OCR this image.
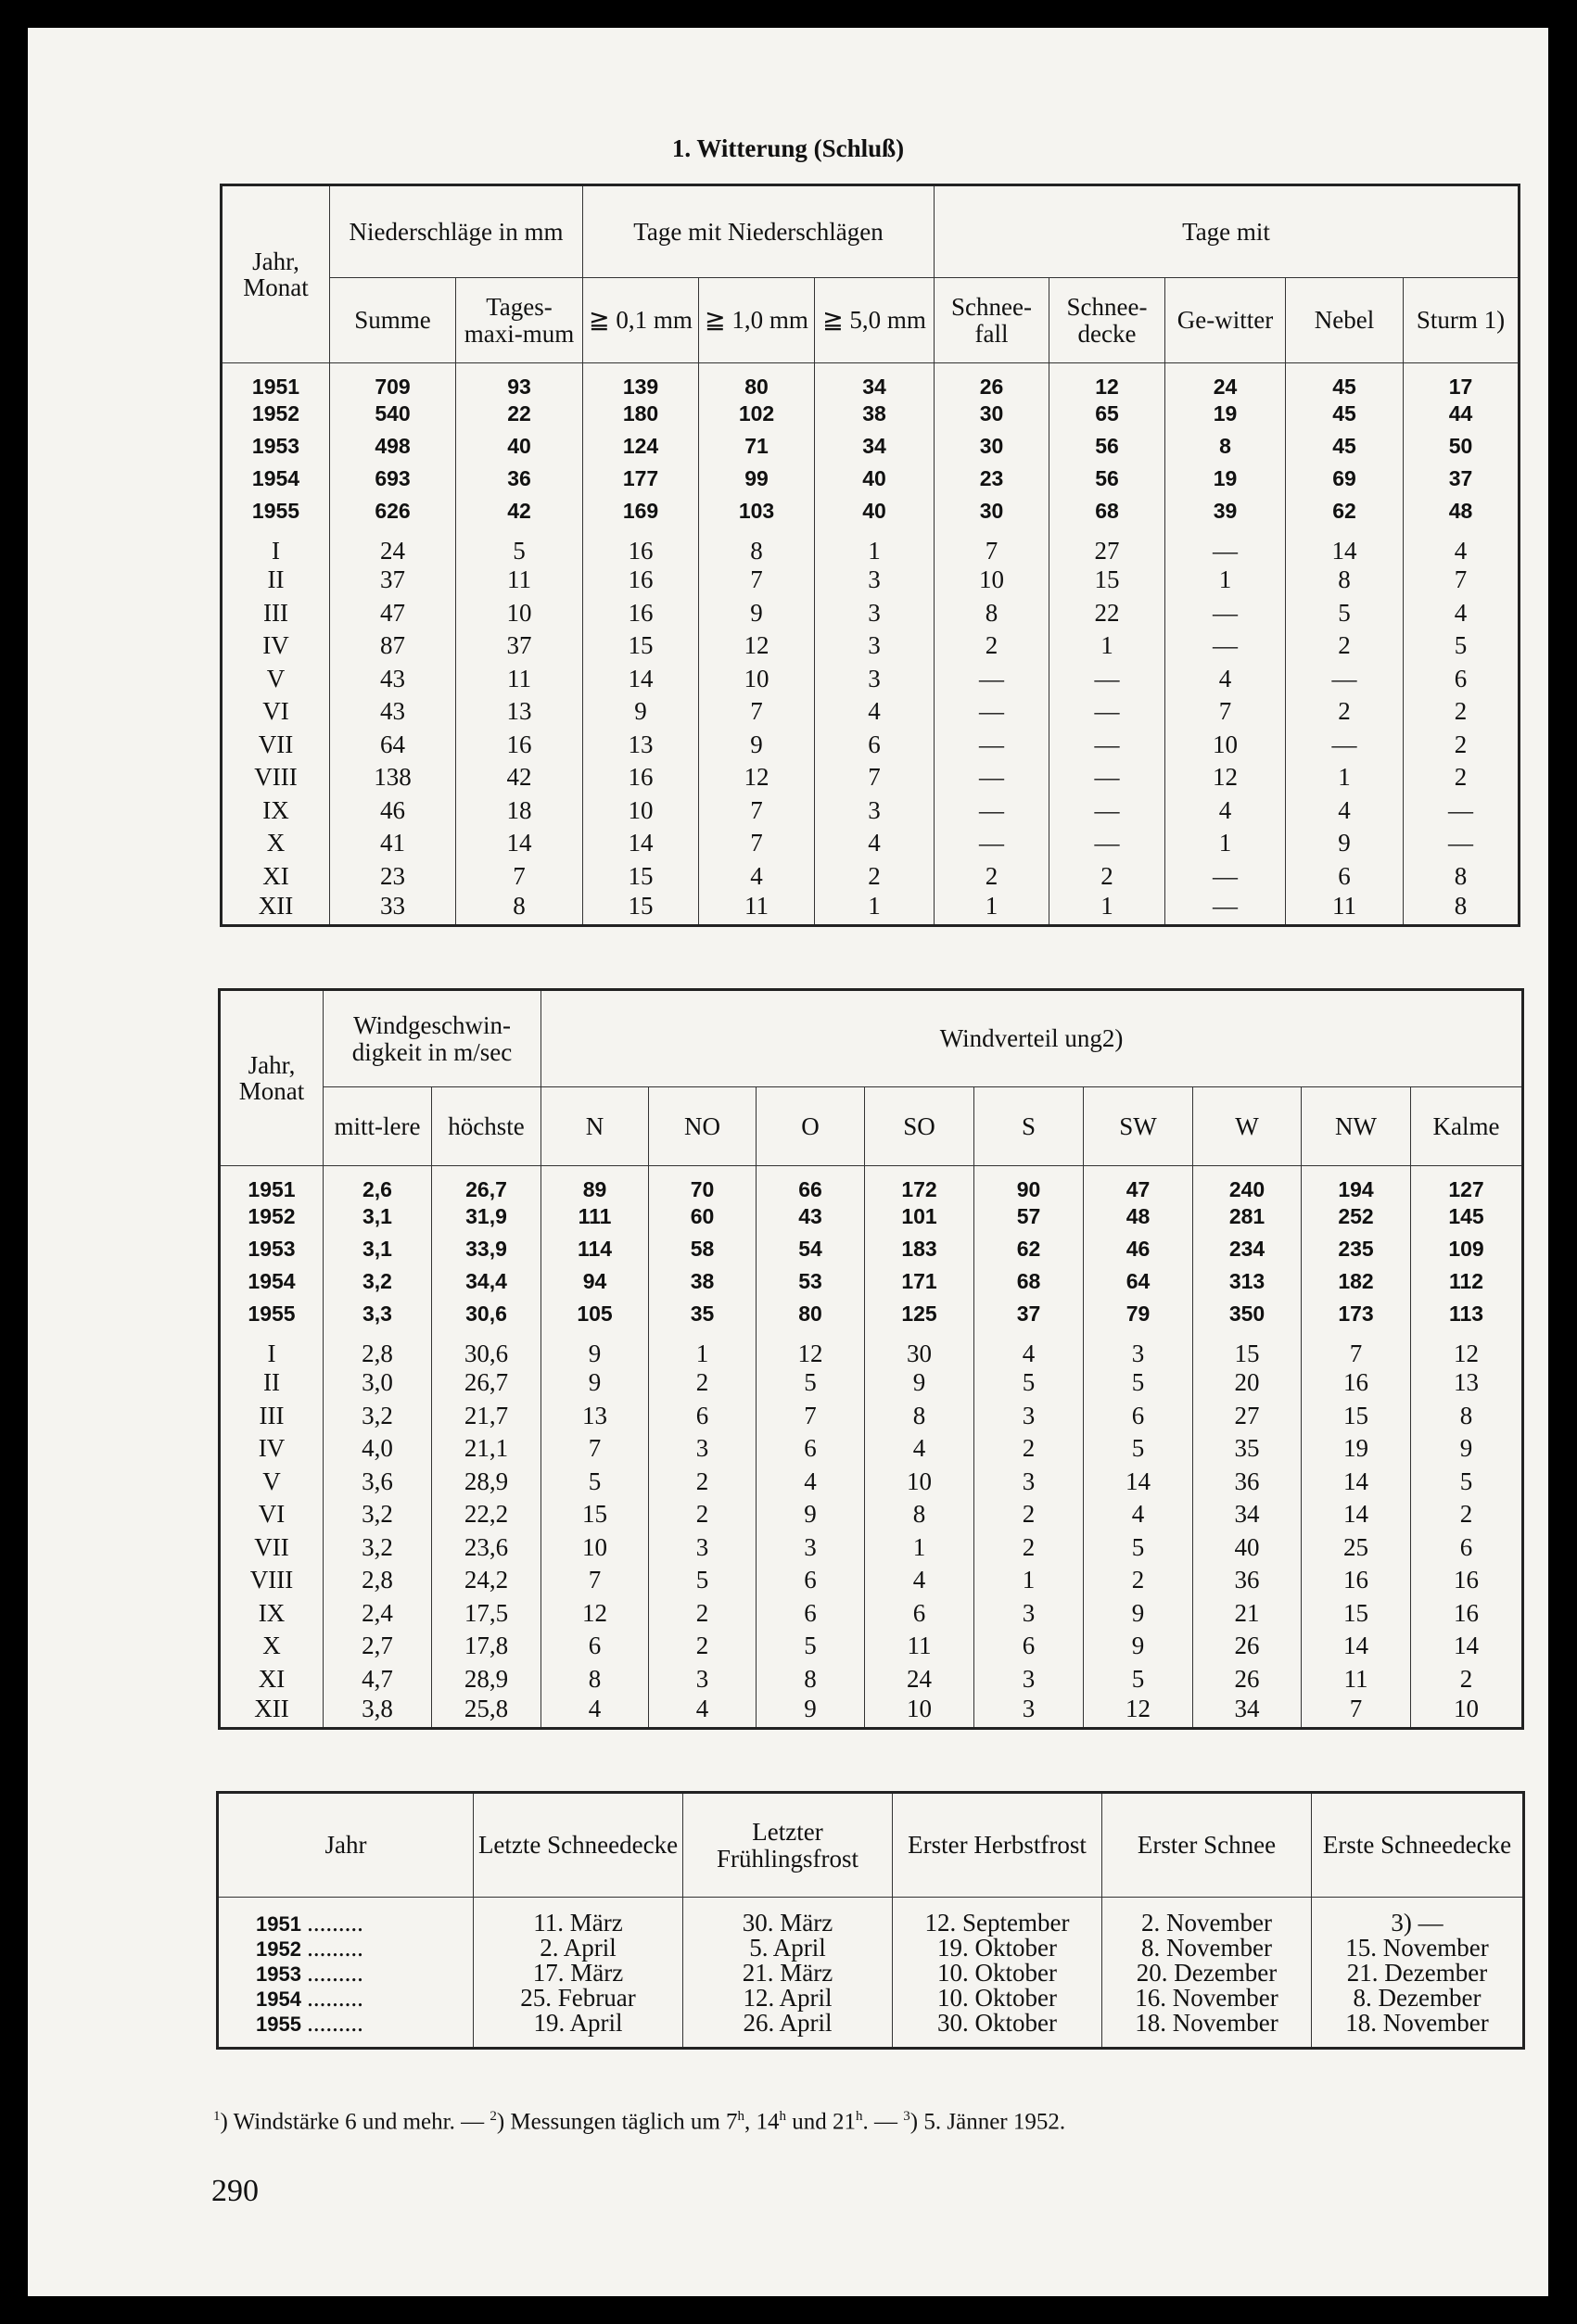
1. Witterung (Schluß)
Jahr, Monat	Niederschläge in mm		Tage mit Niederschlägen			Tage mit				
	Summe	Tages-maxi-mum	≧ 0,1 mm	≧ 1,0 mm	≧ 5,0 mm	Schnee-fall	Schnee-decke	Ge-witter	Nebel	Sturm 1)
1951	709	93	139	80	34	26	12	24	45	17
1952	540	22	180	102	38	30	65	19	45	44
1953	498	40	124	71	34	30	56	8	45	50
1954	693	36	177	99	40	23	56	19	69	37
1955	626	42	169	103	40	30	68	39	62	48
I	24	5	16	8	1	7	27	—	14	4
II	37	11	16	7	3	10	15	1	8	7
III	47	10	16	9	3	8	22	—	5	4
IV	87	37	15	12	3	2	1	—	2	5
V	43	11	14	10	3	—	—	4	—	6
VI	43	13	9	7	4	—	—	7	2	2
VII	64	16	13	9	6	—	—	10	—	2
VIII	138	42	16	12	7	—	—	12	1	2
IX	46	18	10	7	3	—	—	4	4	—
X	41	14	14	7	4	—	—	1	9	—
XI	23	7	15	4	2	2	2	—	6	8
XII	33	8	15	11	1	1	1	—	11	8
Jahr, Monat	Windgeschwin-digkeit in m/sec		Windverteil ung2)								
	mitt-lere	höchste	N	NO	O	SO	S	SW	W	NW	Kalme
1951	2,6	26,7	89	70	66	172	90	47	240	194	127
1952	3,1	31,9	111	60	43	101	57	48	281	252	145
1953	3,1	33,9	114	58	54	183	62	46	234	235	109
1954	3,2	34,4	94	38	53	171	68	64	313	182	112
1955	3,3	30,6	105	35	80	125	37	79	350	173	113
I	2,8	30,6	9	1	12	30	4	3	15	7	12
II	3,0	26,7	9	2	5	9	5	5	20	16	13
III	3,2	21,7	13	6	7	8	3	6	27	15	8
IV	4,0	21,1	7	3	6	4	2	5	35	19	9
V	3,6	28,9	5	2	4	10	3	14	36	14	5
VI	3,2	22,2	15	2	9	8	2	4	34	14	2
VII	3,2	23,6	10	3	3	1	2	5	40	25	6
VIII	2,8	24,2	7	5	6	4	1	2	36	16	16
IX	2,4	17,5	12	2	6	6	3	9	21	15	16
X	2,7	17,8	6	2	5	11	6	9	26	14	14
XI	4,7	28,9	8	3	8	24	3	5	26	11	2
XII	3,8	25,8	4	4	9	10	3	12	34	7	10
Jahr	Letzte Schneedecke	Letzter Frühlingsfrost	Erster Herbstfrost	Erster Schnee	Erste Schneedecke
1951 .........	11. März	30. März	12. September	2. November	3) —
1952 .........	2. April	5. April	19. Oktober	8. November	15. November
1953 .........	17. März	21. März	10. Oktober	20. Dezember	21. Dezember
1954 .........	25. Februar	12. April	10. Oktober	16. November	8. Dezember
1955 .........	19. April	26. April	30. Oktober	18. November	18. November
$^1$) Windstärke 6 und mehr. — $^2$) Messungen täglich um 7$^h$, 14$^h$ und 21$^h$. — $^3$) 5. Jänner 1952.
290
